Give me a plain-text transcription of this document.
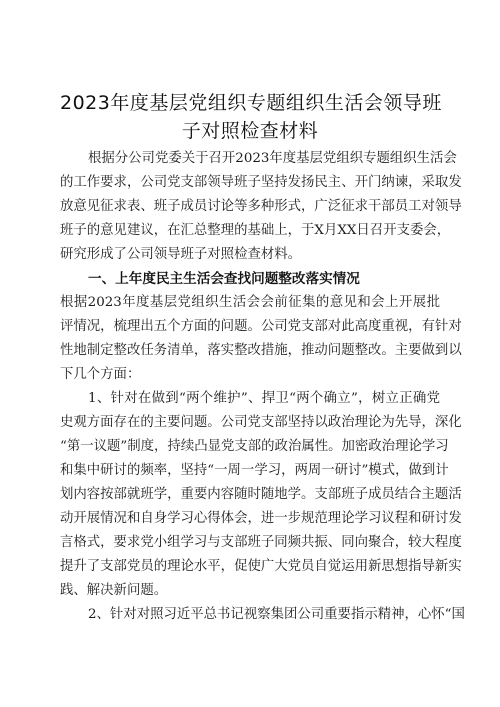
2023年度基层党组织专题组织生活会领导班
子对照检查材料
根据分公司党委关于召开2023年度基层党组织专题组织生活会
的工作要求，公司党支部领导班子坚持发扬民主、开门纳谏，采取发
放意见征求表、班子成员讨论等多种形式，广泛征求干部员工对领导
班子的意见建议，在汇总整理的基础上，于X月XX日召开支委会，
研究形成了公司领导班子对照检查材料。
一、上年度民主生活会查找问题整改落实情况
根据2023年度基层党组织生活会会前征集的意见和会上开展批
评情况，梳理出五个方面的问题。公司党支部对此高度重视，有针对
性地制定整改任务清单，落实整改措施，推动问题整改。主要做到以
下几个方面：
1、针对在做到“两个维护”、捍卫“两个确立”，树立正确党
史观方面存在的主要问题。公司党支部坚持以政治理论为先导，深化
“第一议题”制度，持续凸显党支部的政治属性。加密政治理论学习
和集中研讨的频率，坚持“一周一学习，两周一研讨”模式，做到计
划内容按部就班学，重要内容随时随地学。支部班子成员结合主题活
动开展情况和自身学习心得体会，进一步规范理论学习议程和研讨发
言格式，要求党小组学习与支部班子同频共振、同向聚合，较大程度
提升了支部党员的理论水平，促使广大党员自觉运用新思想指导新实
践、解决新问题。
2、针对对照习近平总书记视察集团公司重要指示精神，心怀“国
